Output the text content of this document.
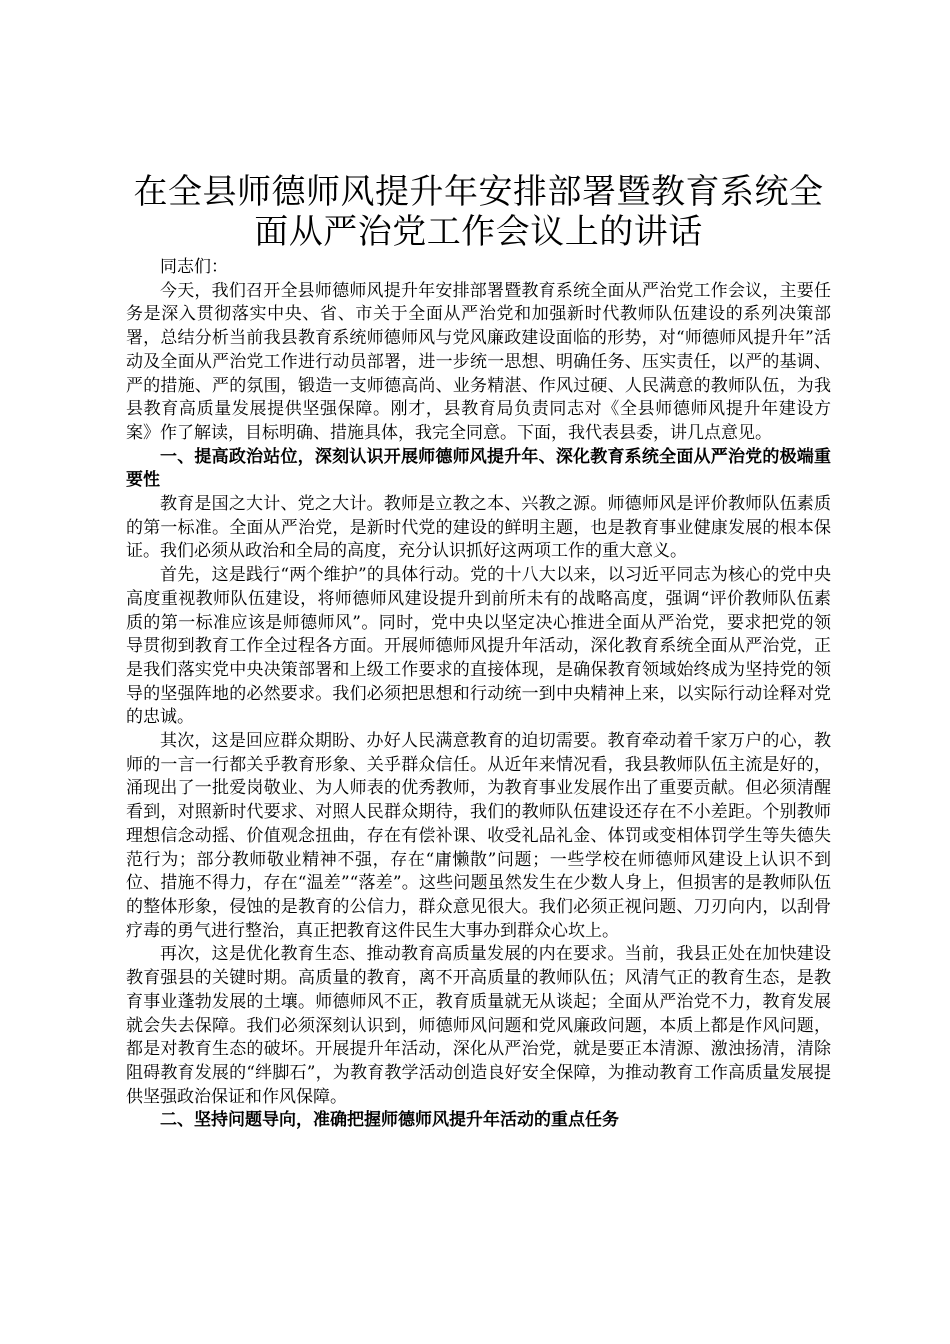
在全县师德师风提升年安排部署暨教育系统全面从严治党工作会议上的讲话

同志们：

今天，我们召开全县师德师风提升年安排部署暨教育系统全面从严治党工作会议，主要任务是深入贯彻落实中央、省、市关于全面从严治党和加强新时代教师队伍建设的系列决策部署，总结分析当前我县教育系统师德师风与党风廉政建设面临的形势，对“师德师风提升年”活动及全面从严治党工作进行动员部署，进一步统一思想、明确任务、压实责任，以严的基调、严的措施、严的氛围，锻造一支师德高尚、业务精湛、作风过硬、人民满意的教师队伍，为我县教育高质量发展提供坚强保障。刚才，县教育局负责同志对《全县师德师风提升年建设方案》作了解读，目标明确、措施具体，我完全同意。下面，我代表县委，讲几点意见。

一、提高政治站位，深刻认识开展师德师风提升年、深化教育系统全面从严治党的极端重要性

教育是国之大计、党之大计。教师是立教之本、兴教之源。师德师风是评价教师队伍素质的第一标准。全面从严治党，是新时代党的建设的鲜明主题，也是教育事业健康发展的根本保证。我们必须从政治和全局的高度，充分认识抓好这两项工作的重大意义。

首先，这是践行“两个维护”的具体行动。党的十八大以来，以习近平同志为核心的党中央高度重视教师队伍建设，将师德师风建设提升到前所未有的战略高度，强调“评价教师队伍素质的第一标准应该是师德师风”。同时，党中央以坚定决心推进全面从严治党，要求把党的领导贯彻到教育工作全过程各方面。开展师德师风提升年活动，深化教育系统全面从严治党，正是我们落实党中央决策部署和上级工作要求的直接体现，是确保教育领域始终成为坚持党的领导的坚强阵地的必然要求。我们必须把思想和行动统一到中央精神上来，以实际行动诠释对党的忠诚。

其次，这是回应群众期盼、办好人民满意教育的迫切需要。教育牵动着千家万户的心，教师的一言一行都关乎教育形象、关乎群众信任。从近年来情况看，我县教师队伍主流是好的，涌现出了一批爱岗敬业、为人师表的优秀教师，为教育事业发展作出了重要贡献。但必须清醒看到，对照新时代要求、对照人民群众期待，我们的教师队伍建设还存在不小差距。个别教师理想信念动摇、价值观念扭曲，存在有偿补课、收受礼品礼金、体罚或变相体罚学生等失德失范行为；部分教师敬业精神不强，存在“庸懒散”问题；一些学校在师德师风建设上认识不到位、措施不得力，存在“温差”“落差”。这些问题虽然发生在少数人身上，但损害的是教师队伍的整体形象，侵蚀的是教育的公信力，群众意见很大。我们必须正视问题、刀刃向内，以刮骨疗毒的勇气进行整治，真正把教育这件民生大事办到群众心坎上。

再次，这是优化教育生态、推动教育高质量发展的内在要求。当前，我县正处在加快建设教育强县的关键时期。高质量的教育，离不开高质量的教师队伍；风清气正的教育生态，是教育事业蓬勃发展的土壤。师德师风不正，教育质量就无从谈起；全面从严治党不力，教育发展就会失去保障。我们必须深刻认识到，师德师风问题和党风廉政问题，本质上都是作风问题，都是对教育生态的破坏。开展提升年活动，深化从严治党，就是要正本清源、激浊扬清，清除阻碍教育发展的“绊脚石”，为教育教学活动创造良好安全保障，为推动教育工作高质量发展提供坚强政治保证和作风保障。

二、坚持问题导向，准确把握师德师风提升年活动的重点任务
